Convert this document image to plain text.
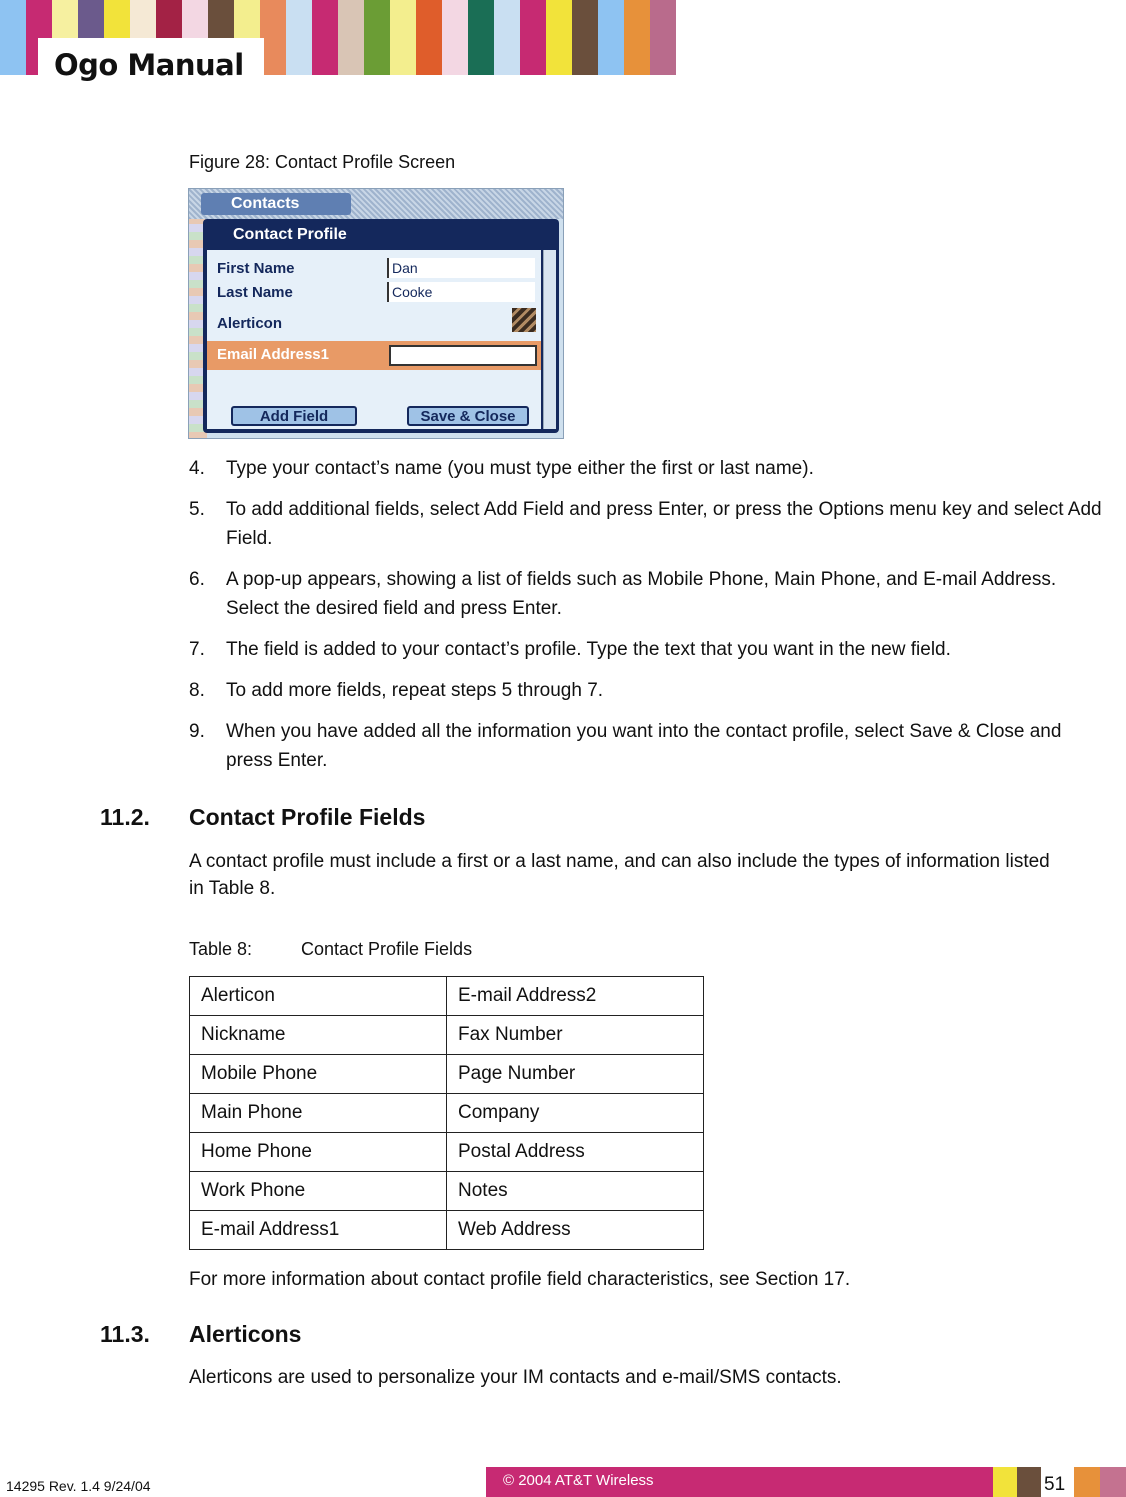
Ogo Manual
Figure 28: Contact Profile Screen
Contacts
Contact Profile
First Name	Dan
Last Name	Cooke
Alerticon
Email Address1
Add Field	Save & Close
4. Type your contact’s name (you must type either the first or last name).
5. To add additional fields, select Add Field and press Enter, or press the Options menu key and select Add Field.
6. A pop-up appears, showing a list of fields such as Mobile Phone, Main Phone, and E-mail Address. Select the desired field and press Enter.
7. The field is added to your contact’s profile. Type the text that you want in the new field.
8. To add more fields, repeat steps 5 through 7.
9. When you have added all the information you want into the contact profile, select Save & Close and press Enter.
11.2. Contact Profile Fields
A contact profile must include a first or a last name, and can also include the types of information listed in Table 8.
Table 8:	Contact Profile Fields
Alerticon	E-mail Address2
Nickname	Fax Number
Mobile Phone	Page Number
Main Phone	Company
Home Phone	Postal Address
Work Phone	Notes
E-mail Address1	Web Address
For more information about contact profile field characteristics, see Section 17.
11.3. Alerticons
Alerticons are used to personalize your IM contacts and e-mail/SMS contacts.
14295 Rev. 1.4 9/24/04	© 2004 AT&T Wireless	51
